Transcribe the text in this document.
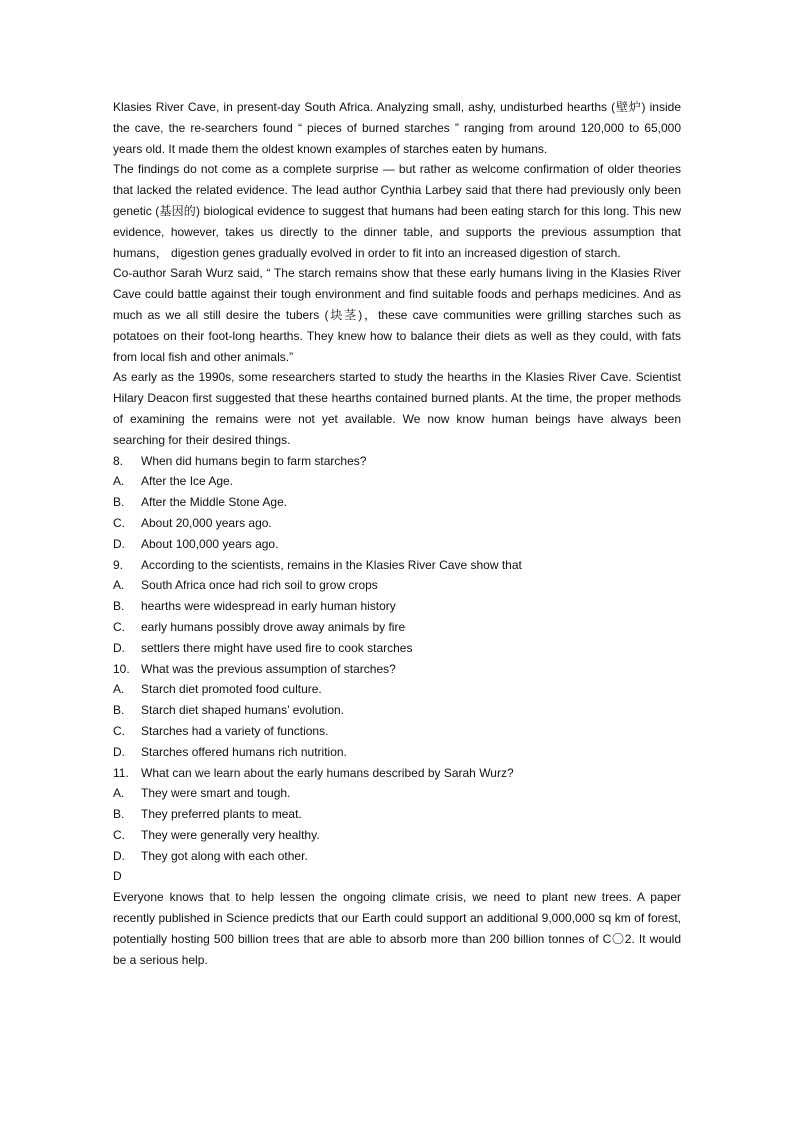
Klasies River Cave, in present-day South Africa. Analyzing small, ashy, undisturbed hearths (壁炉) inside the cave, the re-searchers found “ pieces of burned starches ” ranging from around 120,000 to 65,000 years old. It made them the oldest known examples of starches eaten by humans.

The findings do not come as a complete surprise — but rather as welcome confirmation of older theories that lacked the related evidence. The lead author Cynthia Larbey said that there had previously only been genetic (基因的) biological evidence to suggest that humans had been eating starch for this long. This new evidence, however, takes us directly to the dinner table, and supports the previous assumption that humans， digestion genes gradually evolved in order to fit into an increased digestion of starch.

Co-author Sarah Wurz said, “ The starch remains show that these early humans living in the Klasies River Cave could battle against their tough environment and find suitable foods and perhaps medicines. And as much as we all still desire the tubers (块茎)，these cave communities were grilling starches such as potatoes on their foot-long hearths. They knew how to balance their diets as well as they could, with fats from local fish and other animals.”

As early as the 1990s, some researchers started to study the hearths in the Klasies River Cave. Scientist Hilary Deacon first suggested that these hearths contained burned plants. At the time, the proper methods of examining the remains were not yet available. We now know human beings have always been searching for their desired things.

8. When did humans begin to farm starches?

A. After the Ice Age.

B. After the Middle Stone Age.

C. About 20,000 years ago.

D. About 100,000 years ago.

9. According to the scientists, remains in the Klasies River Cave show that

A. South Africa once had rich soil to grow crops

B. hearths were widespread in early human history

C. early humans possibly drove away animals by fire

D. settlers there might have used fire to cook starches

10. What was the previous assumption of starches?

A. Starch diet promoted food culture.

B. Starch diet shaped humans’ evolution.

C. Starches had a variety of functions.

D. Starches offered humans rich nutrition.

11. What can we learn about the early humans described by Sarah Wurz?

A. They were smart and tough.

B. They preferred plants to meat.

C. They were generally very healthy.

D. They got along with each other.

D

Everyone knows that to help lessen the ongoing climate crisis, we need to plant new trees. A paper recently published in Science predicts that our Earth could support an additional 9,000,000 sq km of forest, potentially hosting 500 billion trees that are able to absorb more than 200 billion tonnes of C〇2. It would be a serious help.
